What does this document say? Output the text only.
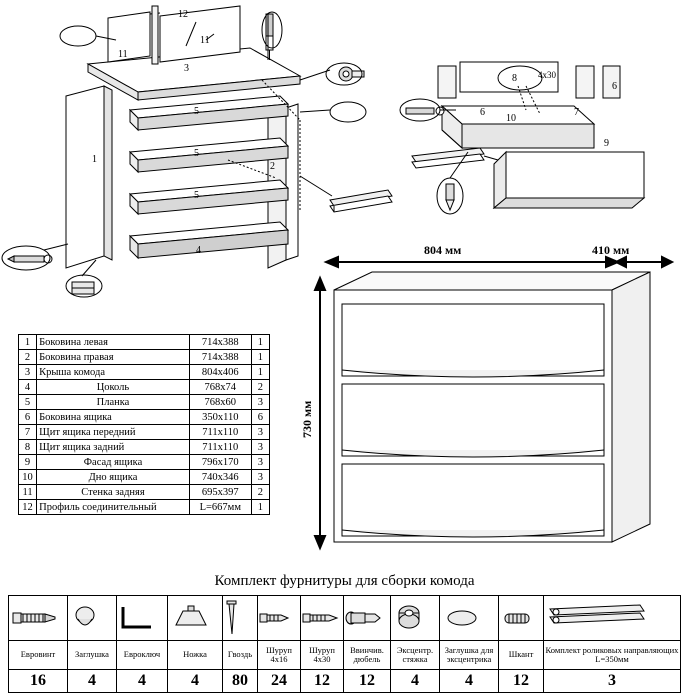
12
11
11
3
5
5
5
1
2
4
8
6
6
7
10
9
4х30
804 мм	410 мм
730 мм
1	Боковина левая	714х388	1
2	Боковина правая	714х388	1
3	Крыша комода	804х406	1
4	Цоколь	768х74	2
5	Планка	768х60	3
6	Боковина ящика	350х110	6
7	Щит ящика передний	711х110	3
8	Щит ящика задний	711х110	3
9	Фасад ящика	796х170	3
10	Дно ящика	740х346	3
11	Стенка задняя	695х397	2
12	Профиль соединительный	L=667мм	1
Комплект фурнитуры для сборки комода

Евровинт	Заглушка	Евроключ	Ножка	Гвоздь	Шуруп 4х16	Шуруп 4х30	Ввинчив. дюбель	Эксцентр. стяжка	Заглушка для эксцентрика	Шкант	Комплект роликовых направляющих L=350мм
16	4	4	4	80	24	12	12	4	4	12	3
